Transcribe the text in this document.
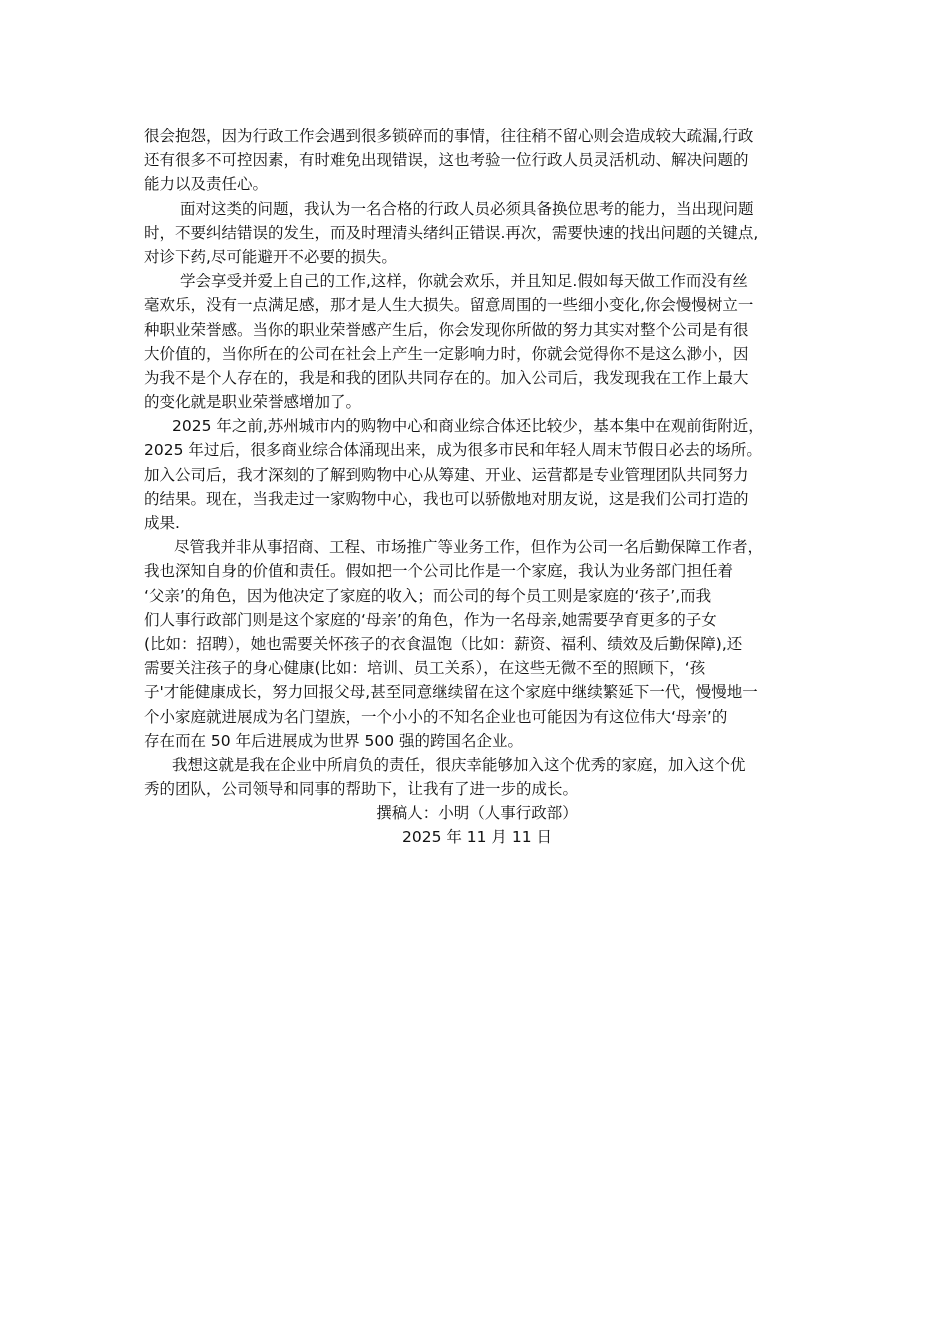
很会抱怨，因为行政工作会遇到很多锁碎而的事情，往往稍不留心则会造成较大疏漏,行政
还有很多不可控因素，有时难免出现错误，这也考验一位行政人员灵活机动、解决问题的
能力以及责任心。
面对这类的问题，我认为一名合格的行政人员必须具备换位思考的能力，当出现问题
时，不要纠结错误的发生，而及时理清头绪纠正错误.再次，需要快速的找出问题的关键点,
对诊下药,尽可能避开不必要的损失。
学会享受并爱上自己的工作,这样，你就会欢乐，并且知足.假如每天做工作而没有丝
毫欢乐，没有一点满足感，那才是人生大损失。留意周围的一些细小变化,你会慢慢树立一
种职业荣誉感。当你的职业荣誉感产生后，你会发现你所做的努力其实对整个公司是有很
大价值的，当你所在的公司在社会上产生一定影响力时，你就会觉得你不是这么渺小，因
为我不是个人存在的，我是和我的团队共同存在的。加入公司后，我发现我在工作上最大
的变化就是职业荣誉感增加了。
2025 年之前,苏州城市内的购物中心和商业综合体还比较少，基本集中在观前街附近，
2025 年过后，很多商业综合体涌现出来，成为很多市民和年轻人周末节假日必去的场所。
加入公司后，我才深刻的了解到购物中心从筹建、开业、运营都是专业管理团队共同努力
的结果。现在，当我走过一家购物中心，我也可以骄傲地对朋友说，这是我们公司打造的
成果.
尽管我并非从事招商、工程、市场推广等业务工作，但作为公司一名后勤保障工作者，
我也深知自身的价值和责任。假如把一个公司比作是一个家庭，我认为业务部门担任着
‘父亲’的角色，因为他决定了家庭的收入；而公司的每个员工则是家庭的‘孩子’,而我
们人事行政部门则是这个家庭的‘母亲’的角色，作为一名母亲,她需要孕育更多的子女
(比如：招聘），她也需要关怀孩子的衣食温饱（比如：薪资、福利、绩效及后勤保障),还
需要关注孩子的身心健康(比如：培训、员工关系），在这些无微不至的照顾下，‘孩
子'才能健康成长，努力回报父母,甚至同意继续留在这个家庭中继续繁延下一代，慢慢地一
个小家庭就进展成为名门望族，一个小小的不知名企业也可能因为有这位伟大‘母亲’的
存在而在 50 年后进展成为世界 500 强的跨国名企业。
我想这就是我在企业中所肩负的责任，很庆幸能够加入这个优秀的家庭，加入这个优
秀的团队，公司领导和同事的帮助下，让我有了进一步的成长。
撰稿人：小明（人事行政部）
2025 年 11 月 11 日
